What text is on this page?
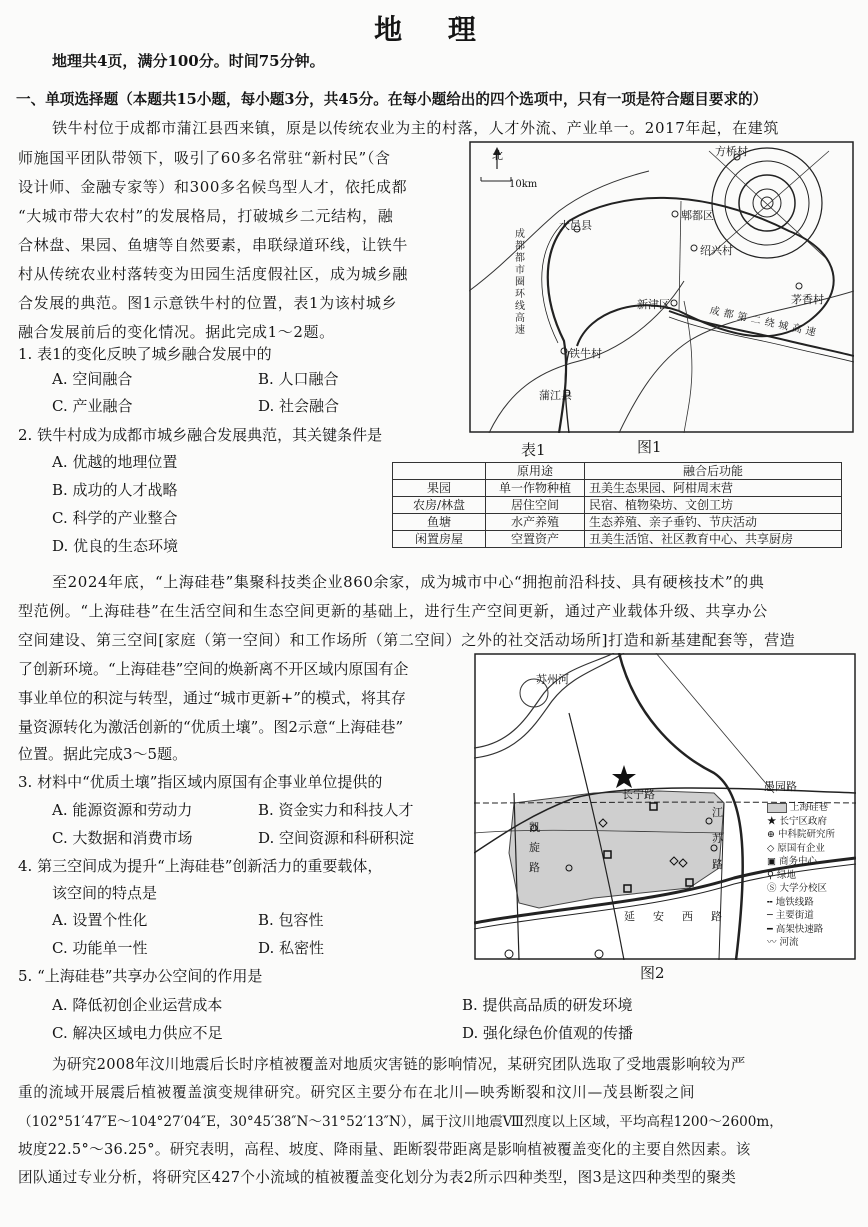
地 理
地理共4页，满分100分。时间75分钟。
一、单项选择题（本题共15小题，每小题3分，共45分。在每小题给出的四个选项中，只有一项是符合题目要求的）
铁牛村位于成都市蒲江县西来镇，原是以传统农业为主的村落，人才外流、产业单一。2017年起，在建筑
师施国平团队带领下，吸引了60多名常驻“新村民”（含
设计师、金融专家等）和300多名候鸟型人才，依托成都
“大城市带大农村”的发展格局，打破城乡二元结构，融
合林盘、果园、鱼塘等自然要素，串联绿道环线，让铁牛
村从传统农业村落转变为田园生活度假社区，成为城乡融
合发展的典范。图1示意铁牛村的位置，表1为该村城乡
融合发展前后的变化情况。据此完成1～2题。
1. 表1的变化反映了城乡融合发展中的
A. 空间融合	B. 人口融合
C. 产业融合	D. 社会融合
2. 铁牛村成为成都市城乡融合发展典范，其关键条件是
A. 优越的地理位置
B. 成功的人才战略
C. 科学的产业整合
D. 优良的生态环境
北
10km
方桥村
郫都区
大邑县
绍兴村
新津区	茅香村
铁牛村
蒲江县
成都都市圈环线高速	成都第二绕城高速
表1	图1
	原用途	融合后功能
果园	单一作物种植	丑美生态果园、阿柑周末营
农房/林盘	居住空间	民宿、植物染坊、文创工坊
鱼塘	水产养殖	生态养殖、亲子垂钓、节庆活动
闲置房屋	空置资产	丑美生活馆、社区教育中心、共享厨房
至2024年底，“上海硅巷”集聚科技类企业860余家，成为城市中心“拥抱前沿科技、具有硬核技术”的典
型范例。“上海硅巷”在生活空间和生态空间更新的基础上，进行生产空间更新，通过产业载体升级、共享办公
空间建设、第三空间[家庭（第一空间）和工作场所（第二空间）之外的社交活动场所]打造和新基建配套等，营造
了创新环境。“上海硅巷”空间的焕新离不开区域内原国有企
事业单位的积淀与转型，通过“城市更新+”的模式，将其存
量资源转化为激活创新的“优质土壤”。图2示意“上海硅巷”
位置。据此完成3～5题。
3. 材料中“优质土壤”指区域内原国有企事业单位提供的
A. 能源资源和劳动力	B. 资金实力和科技人才
C. 大数据和消费市场	D. 空间资源和科研积淀
4. 第三空间成为提升“上海硅巷”创新活力的重要载体，
该空间的特点是
A. 设置个性化	B. 包容性
C. 功能单一性	D. 私密性
5. “上海硅巷”共享办公空间的作用是
A. 降低初创企业运营成本	B. 提供高品质的研发环境
C. 解决区域电力供应不足	D. 强化绿色价值观的传播
苏州河
长宁路
愚园路
江苏路
延安西路
凯旋路
上海硅巷
★ 长宁区政府
⊕ 中科院研究所
◇ 原国有企业
▣ 商务中心
⚲ 绿地
Ⓢ 大学分校区
╍ 地铁线路
─ 主要街道
━ 高架快速路
〰 河流
图2
为研究2008年汶川地震后长时序植被覆盖对地质灾害链的影响情况，某研究团队选取了受地震影响较为严
重的流域开展震后植被覆盖演变规律研究。研究区主要分布在北川—映秀断裂和汶川—茂县断裂之间
（102°51′47″E～104°27′04″E，30°45′38″N～31°52′13″N），属于汶川地震Ⅷ烈度以上区域，平均高程1200～2600m，
坡度22.5°～36.25°。研究表明，高程、坡度、降雨量、距断裂带距离是影响植被覆盖变化的主要自然因素。该
团队通过专业分析，将研究区427个小流域的植被覆盖变化划分为表2所示四种类型，图3是这四种类型的聚类
